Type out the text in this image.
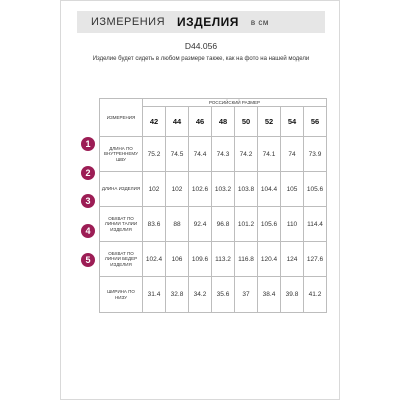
ИЗМЕРЕНИЯ ИЗДЕЛИЯ в см
D44.056
Изделие будет сидеть в любом размере также, как на фото на нашей модели
1
2
3
4
5
ИЗМЕРЕНИЯ	РОССИЙСКИЙ РАЗМЕР							
	42	44	46	48	50	52	54	56
ДЛИНА ПО ВНУТРЕННЕМУ ШВУ	75.2	74.5	74.4	74.3	74.2	74.1	74	73.9
ДЛИНА ИЗДЕЛИЯ	102	102	102.6	103.2	103.8	104.4	105	105.6
ОБХВАТ ПО ЛИНИИ ТАЛИИ ИЗДЕЛИЯ	83.6	88	92.4	96.8	101.2	105.6	110	114.4
ОБХВАТ ПО ЛИНИИ БЕДЕР ИЗДЕЛИЯ	102.4	106	109.6	113.2	116.8	120.4	124	127.6
ШИРИНА ПО НИЗУ	31.4	32.8	34.2	35.6	37	38.4	39.8	41.2
